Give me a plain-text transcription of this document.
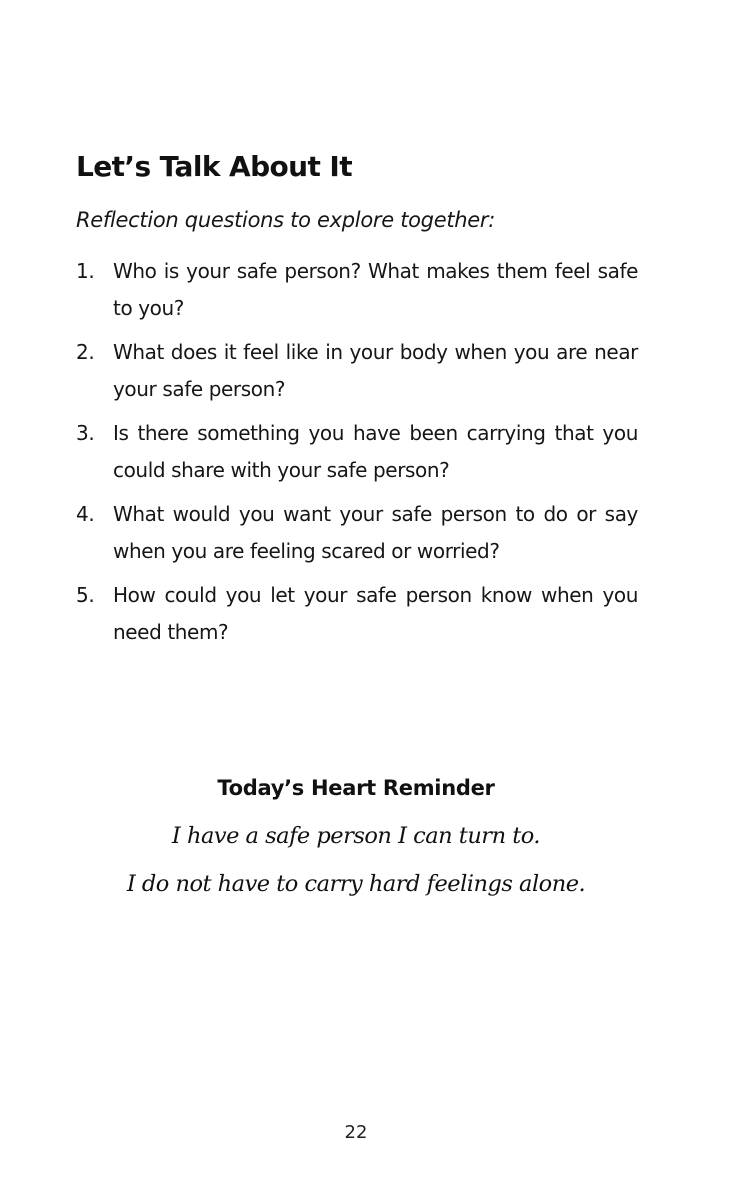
Let’s Talk About It

Reflection questions to explore together:

1. Who is your safe person? What makes them feel safe to you?
2. What does it feel like in your body when you are near your safe person?
3. Is there something you have been carrying that you could share with your safe person?
4. What would you want your safe person to do or say when you are feeling scared or worried?
5. How could you let your safe person know when you need them?

Today’s Heart Reminder

I have a safe person I can turn to.

I do not have to carry hard feelings alone.

22
